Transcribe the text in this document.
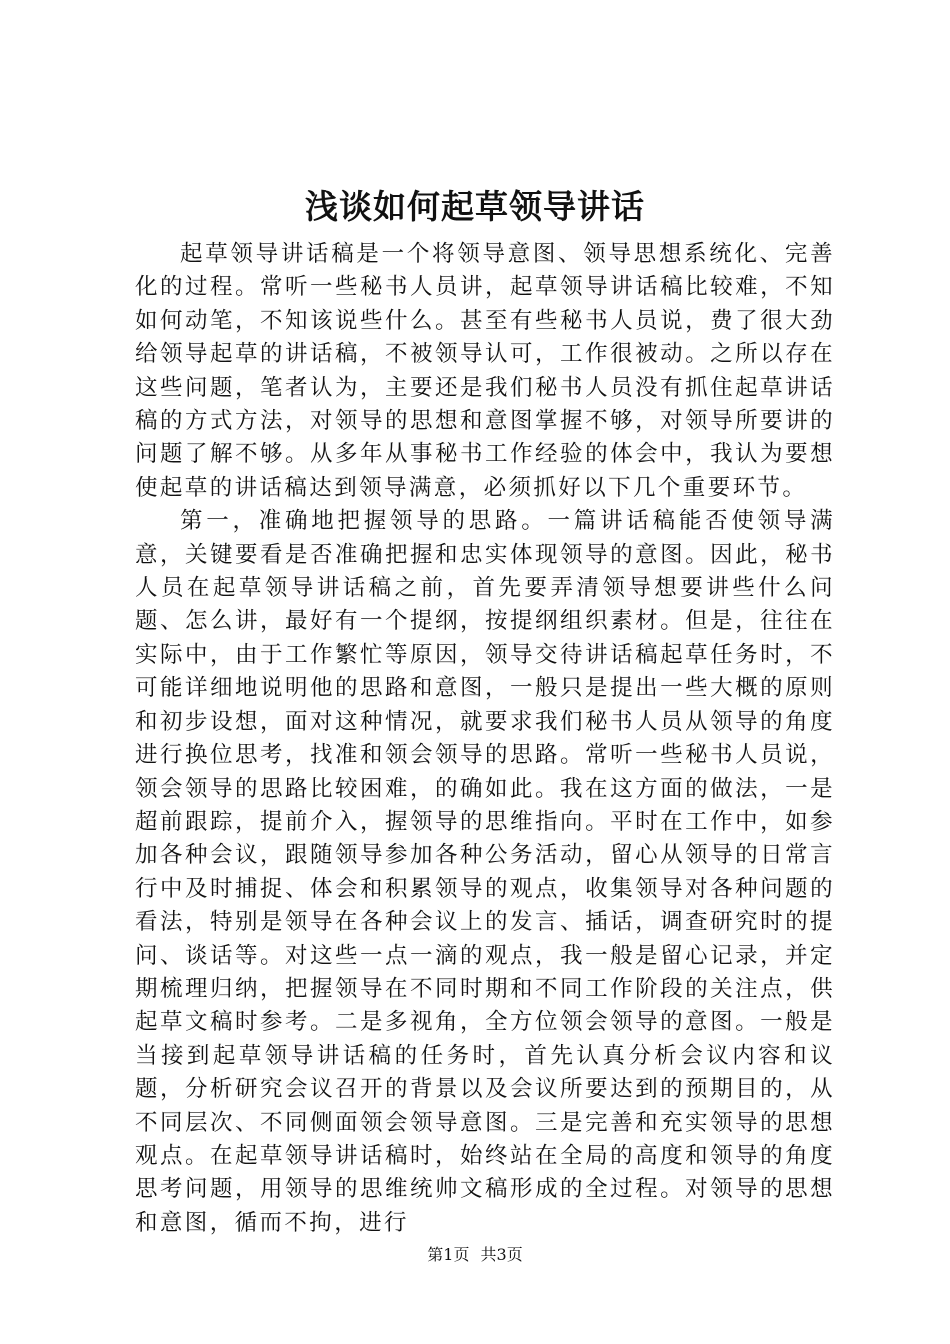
浅谈如何起草领导讲话

起草领导讲话稿是一个将领导意图、领导思想系统化、完善化的过程。常听一些秘书人员讲，起草领导讲话稿比较难，不知如何动笔，不知该说些什么。甚至有些秘书人员说，费了很大劲给领导起草的讲话稿，不被领导认可，工作很被动。之所以存在这些问题，笔者认为，主要还是我们秘书人员没有抓住起草讲话稿的方式方法，对领导的思想和意图掌握不够，对领导所要讲的问题了解不够。从多年从事秘书工作经验的体会中，我认为要想使起草的讲话稿达到领导满意，必须抓好以下几个重要环节。

第一，准确地把握领导的思路。一篇讲话稿能否使领导满意，关键要看是否准确把握和忠实体现领导的意图。因此，秘书人员在起草领导讲话稿之前，首先要弄清领导想要讲些什么问题、怎么讲，最好有一个提纲，按提纲组织素材。但是，往往在实际中，由于工作繁忙等原因，领导交待讲话稿起草任务时，不可能详细地说明他的思路和意图，一般只是提出一些大概的原则和初步设想，面对这种情况，就要求我们秘书人员从领导的角度进行换位思考，找准和领会领导的思路。常听一些秘书人员说，领会领导的思路比较困难，的确如此。我在这方面的做法，一是超前跟踪，提前介入，握领导的思维指向。平时在工作中，如参加各种会议，跟随领导参加各种公务活动，留心从领导的日常言行中及时捕捉、体会和积累领导的观点，收集领导对各种问题的看法，特别是领导在各种会议上的发言、插话，调查研究时的提问、谈话等。对这些一点一滴的观点，我一般是留心记录，并定期梳理归纳，把握领导在不同时期和不同工作阶段的关注点，供起草文稿时参考。二是多视角，全方位领会领导的意图。一般是当接到起草领导讲话稿的任务时，首先认真分析会议内容和议题，分析研究会议召开的背景以及会议所要达到的预期目的，从不同层次、不同侧面领会领导意图。三是完善和充实领导的思想观点。在起草领导讲话稿时，始终站在全局的高度和领导的角度思考问题，用领导的思维统帅文稿形成的全过程。对领导的思想和意图，循而不拘，进行

第1页 共3页
